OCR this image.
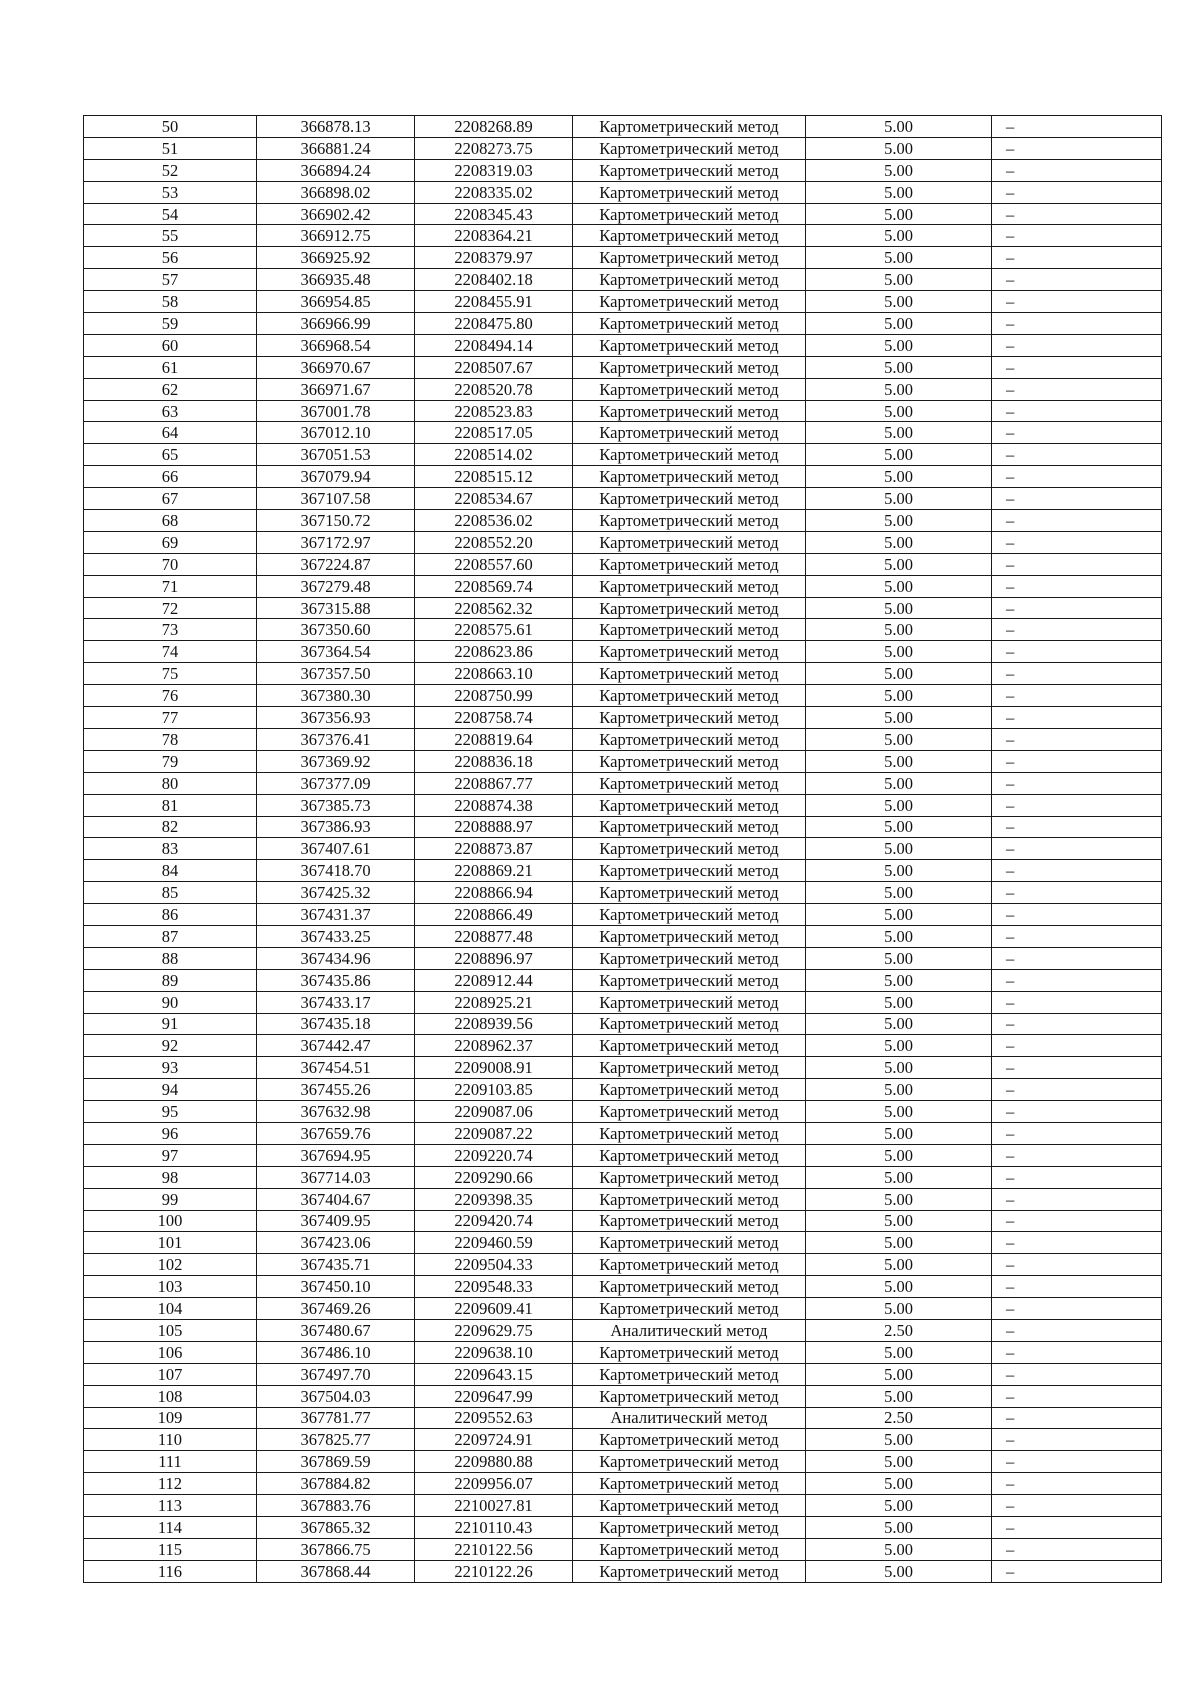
50	366878.13	2208268.89	Картометрический метод	5.00	–
51	366881.24	2208273.75	Картометрический метод	5.00	–
52	366894.24	2208319.03	Картометрический метод	5.00	–
53	366898.02	2208335.02	Картометрический метод	5.00	–
54	366902.42	2208345.43	Картометрический метод	5.00	–
55	366912.75	2208364.21	Картометрический метод	5.00	–
56	366925.92	2208379.97	Картометрический метод	5.00	–
57	366935.48	2208402.18	Картометрический метод	5.00	–
58	366954.85	2208455.91	Картометрический метод	5.00	–
59	366966.99	2208475.80	Картометрический метод	5.00	–
60	366968.54	2208494.14	Картометрический метод	5.00	–
61	366970.67	2208507.67	Картометрический метод	5.00	–
62	366971.67	2208520.78	Картометрический метод	5.00	–
63	367001.78	2208523.83	Картометрический метод	5.00	–
64	367012.10	2208517.05	Картометрический метод	5.00	–
65	367051.53	2208514.02	Картометрический метод	5.00	–
66	367079.94	2208515.12	Картометрический метод	5.00	–
67	367107.58	2208534.67	Картометрический метод	5.00	–
68	367150.72	2208536.02	Картометрический метод	5.00	–
69	367172.97	2208552.20	Картометрический метод	5.00	–
70	367224.87	2208557.60	Картометрический метод	5.00	–
71	367279.48	2208569.74	Картометрический метод	5.00	–
72	367315.88	2208562.32	Картометрический метод	5.00	–
73	367350.60	2208575.61	Картометрический метод	5.00	–
74	367364.54	2208623.86	Картометрический метод	5.00	–
75	367357.50	2208663.10	Картометрический метод	5.00	–
76	367380.30	2208750.99	Картометрический метод	5.00	–
77	367356.93	2208758.74	Картометрический метод	5.00	–
78	367376.41	2208819.64	Картометрический метод	5.00	–
79	367369.92	2208836.18	Картометрический метод	5.00	–
80	367377.09	2208867.77	Картометрический метод	5.00	–
81	367385.73	2208874.38	Картометрический метод	5.00	–
82	367386.93	2208888.97	Картометрический метод	5.00	–
83	367407.61	2208873.87	Картометрический метод	5.00	–
84	367418.70	2208869.21	Картометрический метод	5.00	–
85	367425.32	2208866.94	Картометрический метод	5.00	–
86	367431.37	2208866.49	Картометрический метод	5.00	–
87	367433.25	2208877.48	Картометрический метод	5.00	–
88	367434.96	2208896.97	Картометрический метод	5.00	–
89	367435.86	2208912.44	Картометрический метод	5.00	–
90	367433.17	2208925.21	Картометрический метод	5.00	–
91	367435.18	2208939.56	Картометрический метод	5.00	–
92	367442.47	2208962.37	Картометрический метод	5.00	–
93	367454.51	2209008.91	Картометрический метод	5.00	–
94	367455.26	2209103.85	Картометрический метод	5.00	–
95	367632.98	2209087.06	Картометрический метод	5.00	–
96	367659.76	2209087.22	Картометрический метод	5.00	–
97	367694.95	2209220.74	Картометрический метод	5.00	–
98	367714.03	2209290.66	Картометрический метод	5.00	–
99	367404.67	2209398.35	Картометрический метод	5.00	–
100	367409.95	2209420.74	Картометрический метод	5.00	–
101	367423.06	2209460.59	Картометрический метод	5.00	–
102	367435.71	2209504.33	Картометрический метод	5.00	–
103	367450.10	2209548.33	Картометрический метод	5.00	–
104	367469.26	2209609.41	Картометрический метод	5.00	–
105	367480.67	2209629.75	Аналитический метод	2.50	–
106	367486.10	2209638.10	Картометрический метод	5.00	–
107	367497.70	2209643.15	Картометрический метод	5.00	–
108	367504.03	2209647.99	Картометрический метод	5.00	–
109	367781.77	2209552.63	Аналитический метод	2.50	–
110	367825.77	2209724.91	Картометрический метод	5.00	–
111	367869.59	2209880.88	Картометрический метод	5.00	–
112	367884.82	2209956.07	Картометрический метод	5.00	–
113	367883.76	2210027.81	Картометрический метод	5.00	–
114	367865.32	2210110.43	Картометрический метод	5.00	–
115	367866.75	2210122.56	Картометрический метод	5.00	–
116	367868.44	2210122.26	Картометрический метод	5.00	–
